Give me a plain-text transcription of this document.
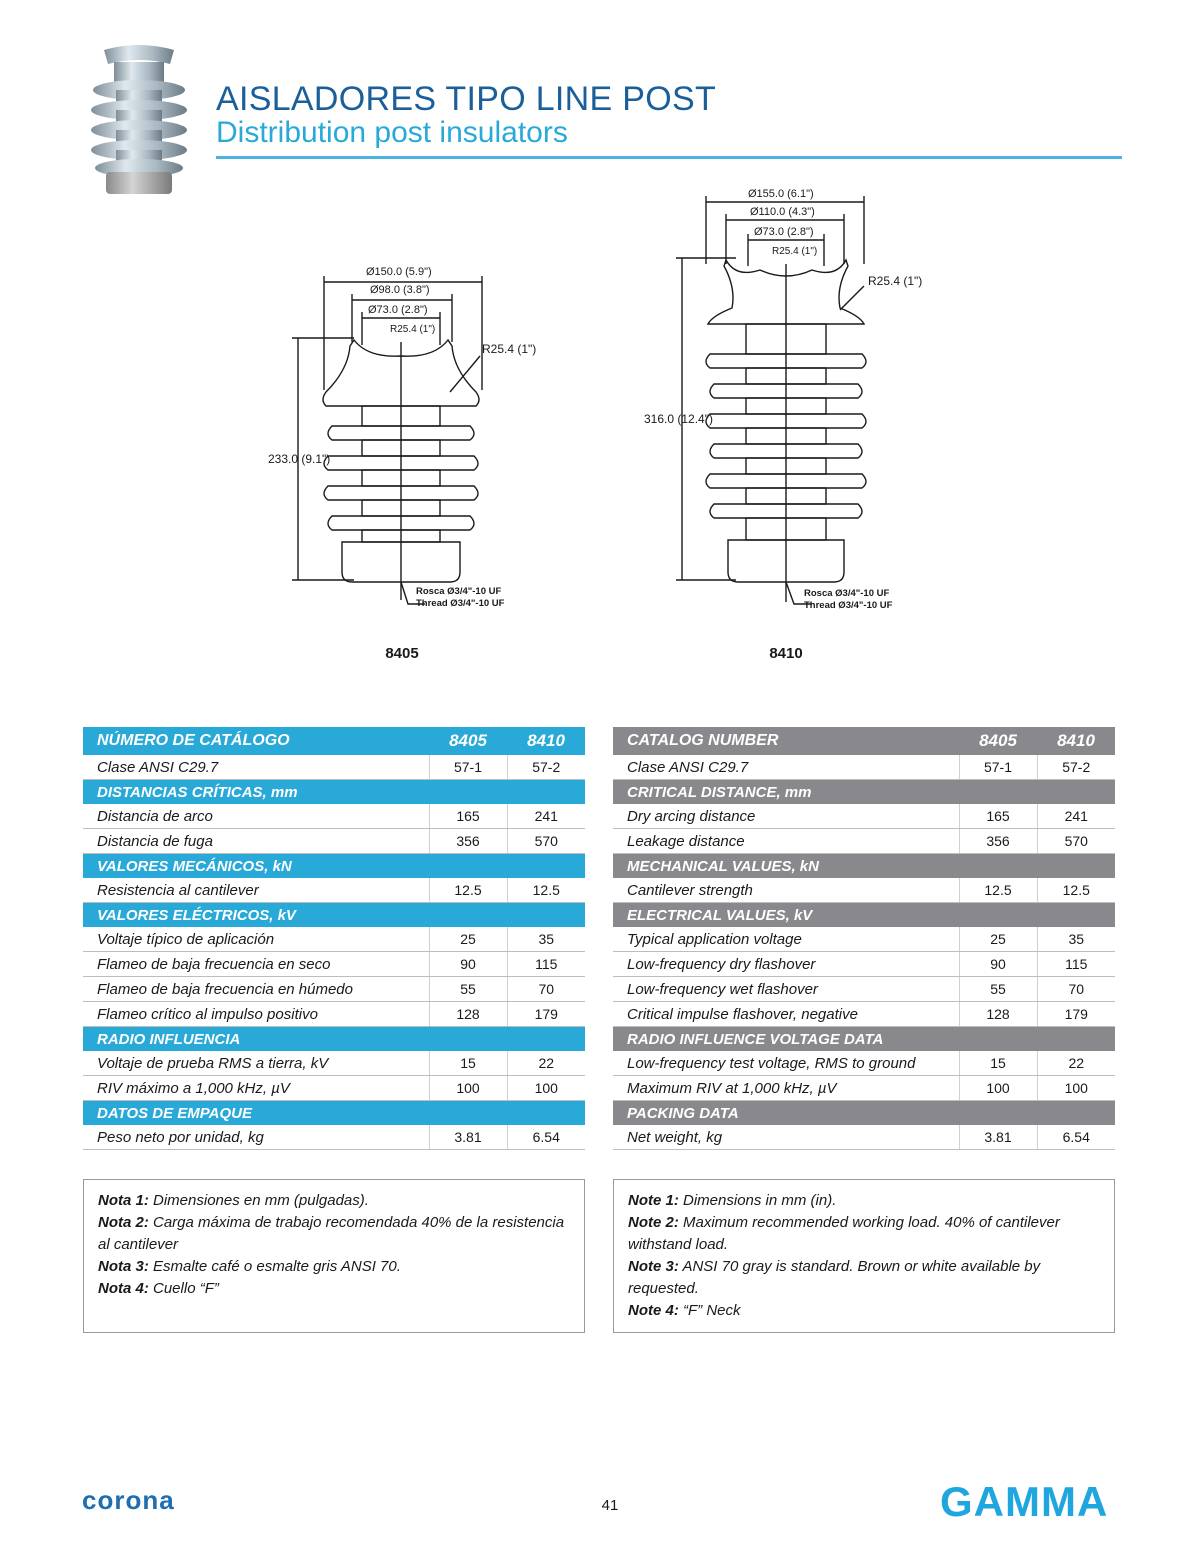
AISLADORES TIPO LINE POST
Distribution post insulators
Ø150.0 (5.9")
Ø98.0 (3.8")
Ø73.0 (2.8")
R25.4 (1")
R25.4 (1")
233.0 (9.1")
Rosca Ø3/4"-10 UF
Thread Ø3/4"-10 UF
8405
Ø155.0 (6.1")
Ø110.0 (4.3")
Ø73.0 (2.8")
R25.4 (1")
R25.4 (1")
316.0 (12.4")
Rosca Ø3/4"-10 UF
Thread Ø3/4"-10 UF
8410
NÚMERO DE CATÁLOGO	8405	8410
Clase ANSI C29.7	57-1	57-2
DISTANCIAS CRÍTICAS, mm		
Distancia de arco	165	241
Distancia de fuga	356	570
VALORES MECÁNICOS, kN		
Resistencia al cantilever	12.5	12.5
VALORES ELÉCTRICOS, kV		
Voltaje típico de aplicación	25	35
Flameo de baja frecuencia en seco	90	115
Flameo de baja frecuencia en húmedo	55	70
Flameo crítico al impulso positivo	128	179
RADIO INFLUENCIA		
Voltaje de prueba RMS a tierra, kV	15	22
RIV máximo a 1,000 kHz, µV	100	100
DATOS DE EMPAQUE		
Peso neto por unidad, kg	3.81	6.54
CATALOG NUMBER	8405	8410
Clase ANSI C29.7	57-1	57-2
CRITICAL DISTANCE, mm		
Dry arcing distance	165	241
Leakage distance	356	570
MECHANICAL VALUES, kN		
Cantilever strength	12.5	12.5
ELECTRICAL VALUES, kV		
Typical application voltage	25	35
Low-frequency dry flashover	90	115
Low-frequency wet flashover	55	70
Critical impulse flashover, negative	128	179
RADIO INFLUENCE VOLTAGE DATA		
Low-frequency test voltage, RMS to ground	15	22
Maximum RIV at 1,000 kHz, µV	100	100
PACKING DATA		
Net weight, kg	3.81	6.54

Nota 1: Dimensiones en mm (pulgadas).

Nota 2: Carga máxima de trabajo recomendada 40% de la resistencia al cantilever

Nota 3: Esmalte café o esmalte gris ANSI 70.

Nota 4: Cuello “F”

Note 1: Dimensions in mm (in).

Note 2: Maximum recommended working load. 40% of cantilever withstand load.

Note 3: ANSI 70 gray is standard. Brown or white available by requested.

Note 4: “F” Neck

corona	41	GAMMA
